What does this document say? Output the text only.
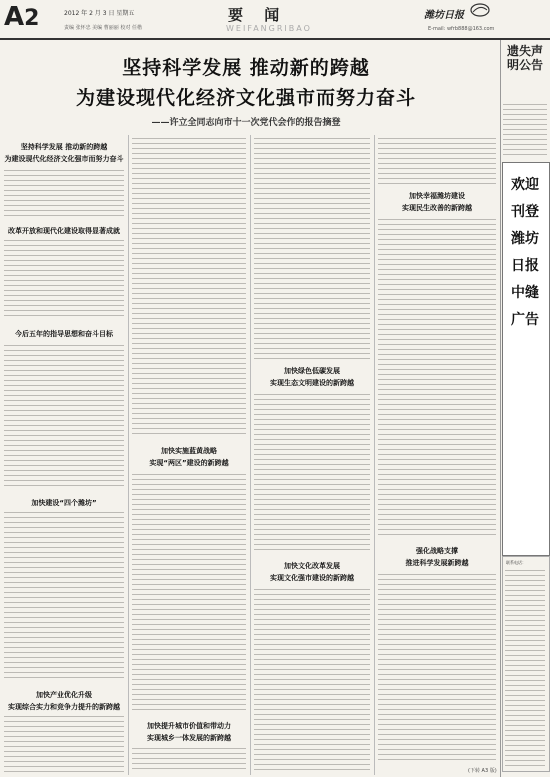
A2	2012 年 2 月 3 日 星期五
责编 张怀忠 美编 曹丽丽 校对 任楷
要 闻
WEIFANGRIBAO
潍坊日报
E-mail: wfrb888@163.com
坚持科学发展 推动新的跨越
为建设现代化经济文化强市而努力奋斗
——许立全同志向市十一次党代会作的报告摘登
坚持科学发展 推动新的跨越
为建设现代化经济文化强市而努力奋斗
改革开放和现代化建设取得显著成就
今后五年的指导思想和奋斗目标
加快建设“四个潍坊”
加快产业优化升级
实现综合实力和竞争力提升的新跨越
加快实施蓝黄战略
实现“两区”建设的新跨越
加快提升城市价值和带动力
实现城乡一体发展的新跨越
加快绿色低碳发展
实现生态文明建设的新跨越
加快文化改革发展
实现文化强市建设的新跨越
加快幸福潍坊建设
实现民生改善的新跨越
强化战略支撑
推进科学发展新跨越
遗失声明公告
欢迎刊登潍坊日报中缝广告
联系电话：
(下转 A3 版)
